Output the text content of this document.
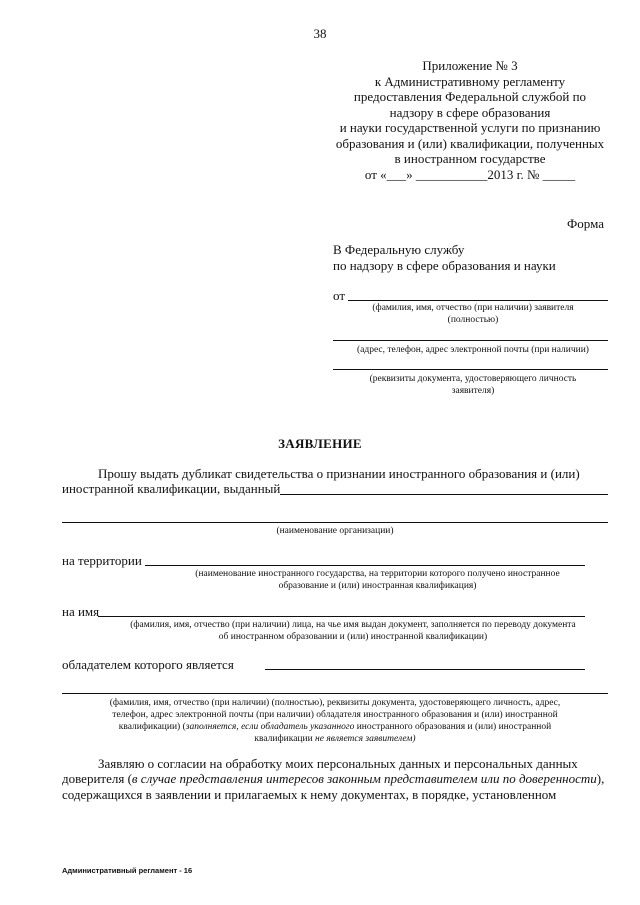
38
Приложение № 3
к Административному регламенту
предоставления Федеральной службой по
надзору в сфере образования
и науки государственной услуги по признанию
образования и (или) квалификации, полученных
в иностранном государстве
от «___» ___________2013 г. № _____
Форма
В Федеральную службу
по надзору в сфере образования и науки
от
(фамилия, имя, отчество (при наличии) заявителя
(полностью)
(адрес, телефон, адрес электронной почты (при наличии)
(реквизиты документа, удостоверяющего личность
заявителя)
ЗАЯВЛЕНИЕ
Прошу выдать дубликат свидетельства о признании иностранного образования и (или)
иностранной квалификации, выданный
(наименование организации)
на территории
(наименование иностранного государства, на территории которого получено иностранное
образование и (или) иностранная квалификация)
на имя
(фамилия, имя, отчество (при наличии) лица, на чье имя выдан документ, заполняется по переводу документа
об иностранном образовании и (или) иностранной квалификации)
обладателем которого является
(фамилия, имя, отчество (при наличии) (полностью), реквизиты документа, удостоверяющего личность, адрес,
телефон, адрес электронной почты (при наличии) обладателя иностранного образования и (или) иностранной
квалификации) (заполняется, если обладатель указанного иностранного образования и (или) иностранной
квалификации не является заявителем)
Заявляю о согласии на обработку моих персональных данных и персональных данных
доверителя (в случае представления интересов законным представителем или по доверенности),
содержащихся в заявлении и прилагаемых к нему документах, в порядке, установленном
Административный регламент - 16
